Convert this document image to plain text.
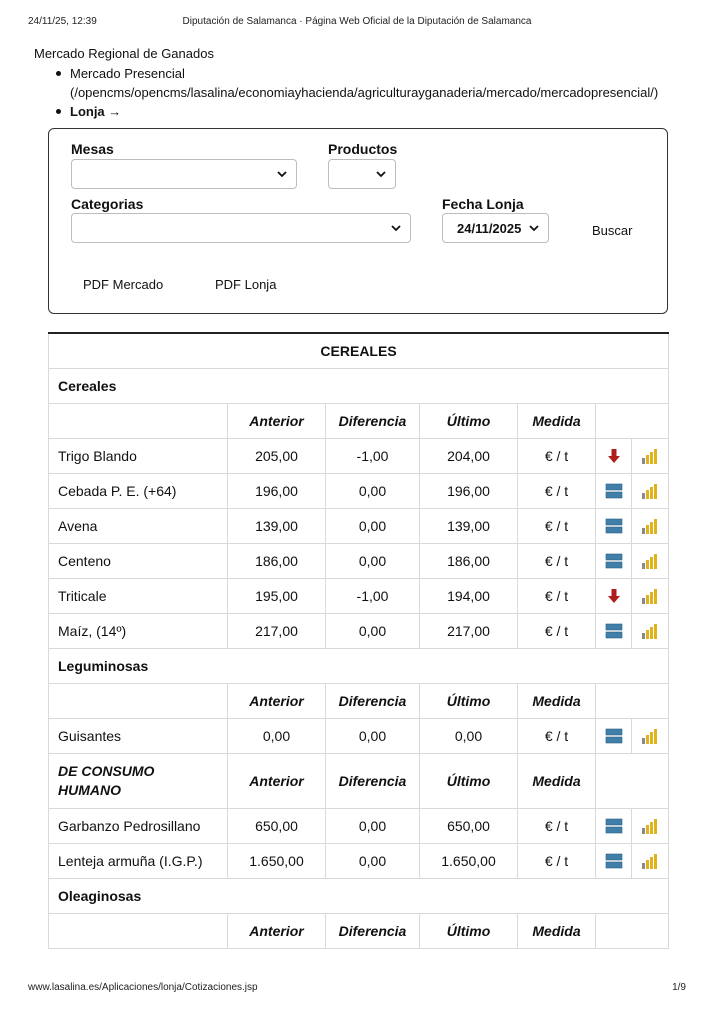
24/11/25, 12:39	Diputación de Salamanca · Página Web Oficial de la Diputación de Salamanca
Mercado Regional de Ganados
Mercado Presencial (/opencms/opencms/lasalina/economiayhacienda/agriculturayganaderia/mercado/mercadopresencial/)
Lonja →
Mesas	Productos
Categorias	Fecha Lonja
24/11/2025	Buscar
PDF Mercado	PDF Lonja
CEREALES						
Cereales						
	Anterior	Diferencia	Último	Medida		
Trigo Blando	205,00	-1,00	204,00	€ / t	

Cebada P. E. (+64)	196,00	0,00	196,00	€ / t	

Avena	139,00	0,00	139,00	€ / t	

Centeno	186,00	0,00	186,00	€ / t	

Triticale	195,00	-1,00	194,00	€ / t	

Maíz, (14º)	217,00	0,00	217,00	€ / t	

Leguminosas						
	Anterior	Diferencia	Último	Medida		
Guisantes	0,00	0,00	0,00	€ / t	

DE CONSUMO HUMANO	Anterior	Diferencia	Último	Medida		
Garbanzo Pedrosillano	650,00	0,00	650,00	€ / t	

Lenteja armuña (I.G.P.)	1.650,00	0,00	1.650,00	€ / t	

Oleaginosas						
	Anterior	Diferencia	Último	Medida		
www.lasalina.es/Aplicaciones/lonja/Cotizaciones.jsp	1/9
